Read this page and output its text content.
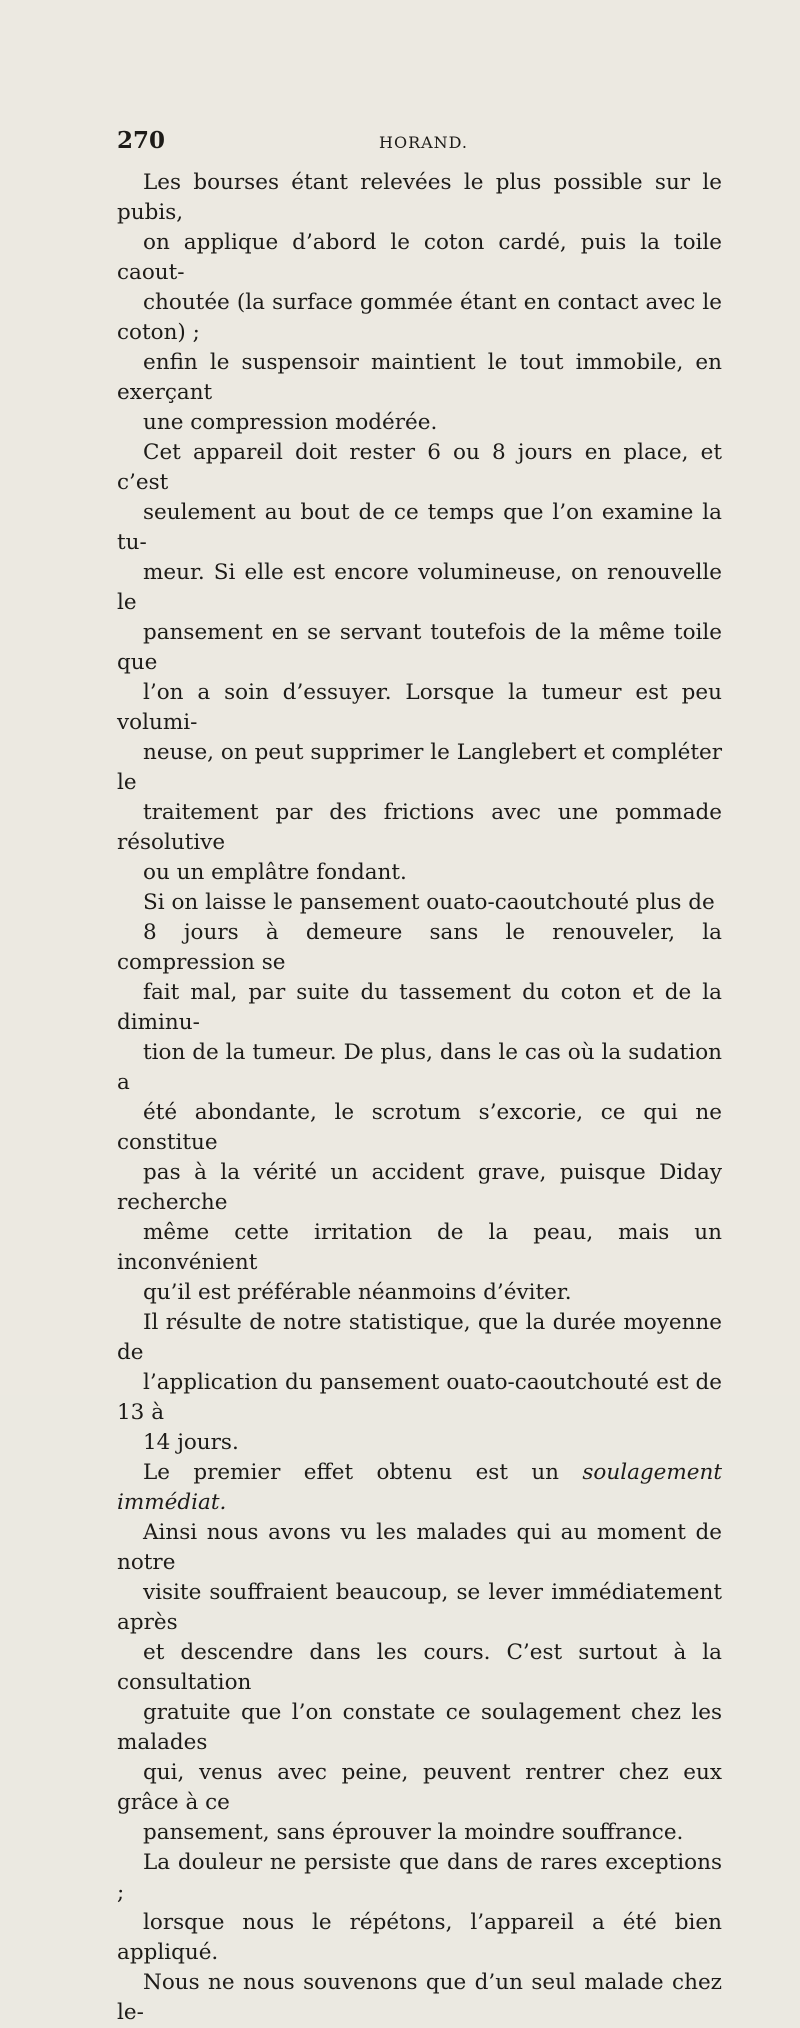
270	HORAND.

Les bourses étant relevées le plus possible sur le pubis,
on applique d’abord le coton cardé, puis la toile caout-
choutée (la surface gommée étant en contact avec le coton) ;
enfin le suspensoir maintient le tout immobile, en exerçant
une compression modérée.

Cet appareil doit rester 6 ou 8 jours en place, et c’est
seulement au bout de ce temps que l’on examine la tu-
meur. Si elle est encore volumineuse, on renouvelle le
pansement en se servant toutefois de la même toile que
l’on a soin d’essuyer. Lorsque la tumeur est peu volumi-
neuse, on peut supprimer le Langlebert et compléter le
traitement par des frictions avec une pommade résolutive
ou un emplâtre fondant.

Si on laisse le pansement ouato-caoutchouté plus de
8 jours à demeure sans le renouveler, la compression se
fait mal, par suite du tassement du coton et de la diminu-
tion de la tumeur. De plus, dans le cas où la sudation a
été abondante, le scrotum s’excorie, ce qui ne constitue
pas à la vérité un accident grave, puisque Diday recherche
même cette irritation de la peau, mais un inconvénient
qu’il est préférable néanmoins d’éviter.

Il résulte de notre statistique, que la durée moyenne de
l’application du pansement ouato-caoutchouté est de 13 à
14 jours.

Le premier effet obtenu est un soulagement immédiat.
Ainsi nous avons vu les malades qui au moment de notre
visite souffraient beaucoup, se lever immédiatement après
et descendre dans les cours. C’est surtout à la consultation
gratuite que l’on constate ce soulagement chez les malades
qui, venus avec peine, peuvent rentrer chez eux grâce à ce
pansement, sans éprouver la moindre souffrance.

La douleur ne persiste que dans de rares exceptions ;
lorsque nous le répétons, l’appareil a été bien appliqué.

Nous ne nous souvenons que d’un seul malade chez le-
